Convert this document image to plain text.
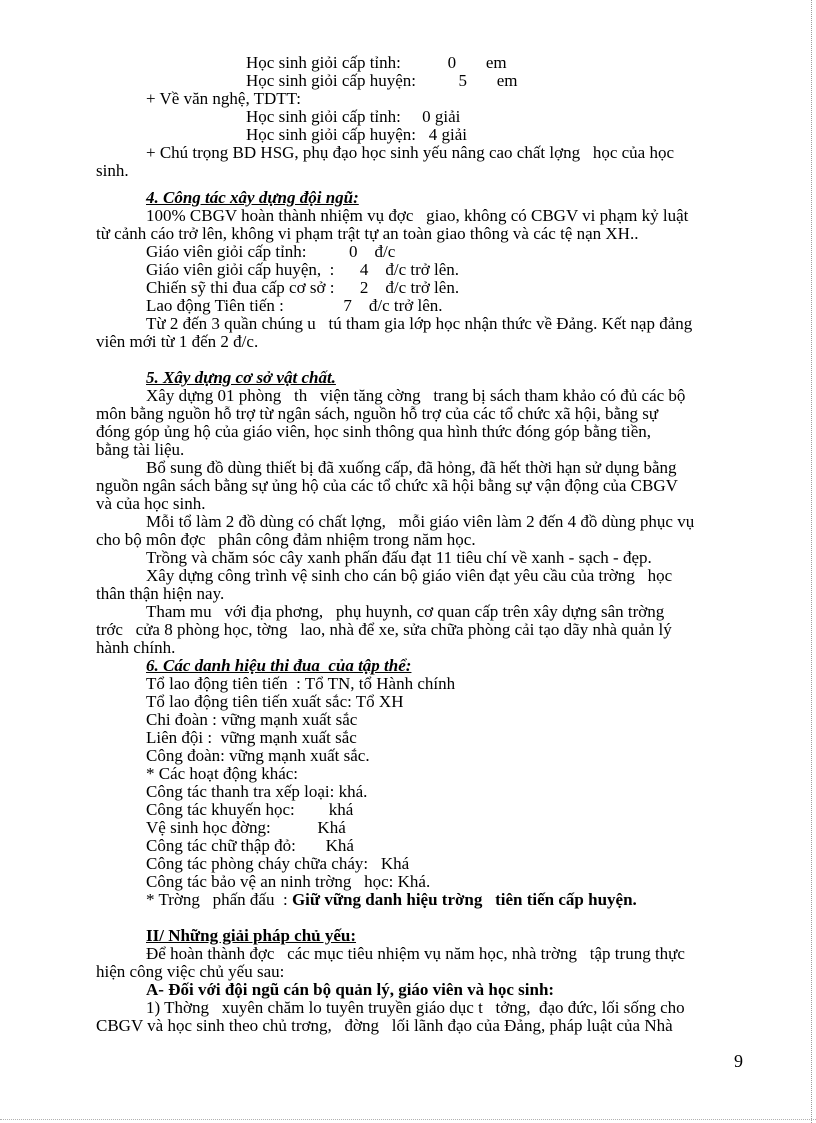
Học sinh giỏi cấp tỉnh:           0       em

Học sinh giỏi cấp huyện:          5       em

+ Về văn nghệ, TDTT:

Học sinh giỏi cấp tỉnh:     0 giải

Học sinh giỏi cấp huyện:   4 giải

+ Chú trọng BD HSG, phụ đạo học sinh yếu nâng cao chất lợng   học của học

sinh.

4. Công tác xây dựng đội ngũ:

100% CBGV hoàn thành nhiệm vụ đợc   giao, không có CBGV vi phạm kỷ luật

từ cảnh cáo trở lên, không vi phạm trật tự an toàn giao thông và các tệ nạn XH..

Giáo viên giỏi cấp tỉnh:          0    đ/c

Giáo viên giỏi cấp huyện,  :      4    đ/c trở lên.

Chiến sỹ thi đua cấp cơ sở :      2    đ/c trở lên.

Lao động Tiên tiến :              7    đ/c trở lên.

Từ 2 đến 3 quần chúng u   tú tham gia lớp học nhận thức về Đảng. Kết nạp đảng

viên mới từ 1 đến 2 đ/c.

5. Xây dựng cơ sở vật chất.

Xây dựng 01 phòng   th   viện tăng cờng   trang bị sách tham khảo có đủ các bộ

môn bằng nguồn hỗ trợ từ ngân sách, nguồn hỗ trợ của các tổ chức xã hội, bằng sự

đóng góp ủng hộ của giáo viên, học sinh thông qua hình thức đóng góp bằng tiền,

bằng tài liệu.

Bổ sung đồ dùng thiết bị đã xuống cấp, đã hỏng, đã hết thời hạn sử dụng bằng

nguồn ngân sách bằng sự ủng hộ của các tổ chức xã hội bằng sự vận động của CBGV

và của học sinh.

Mỗi tổ làm 2 đồ dùng có chất lợng,   mỗi giáo viên làm 2 đến 4 đồ dùng phục vụ

cho bộ môn đợc   phân công đảm nhiệm trong năm học.

Trồng và chăm sóc cây xanh phấn đấu đạt 11 tiêu chí về xanh - sạch - đẹp.

Xây dựng công trình vệ sinh cho cán bộ giáo viên đạt yêu cầu của trờng   học

thân thận hiện nay.

Tham mu   với địa phơng,   phụ huynh, cơ quan cấp trên xây dựng sân trờng

trớc   cửa 8 phòng học, tờng   lao, nhà để xe, sửa chữa phòng cải tạo dãy nhà quản lý

hành chính.

6. Các danh hiệu thi đua  của tập thể:

Tổ lao động tiên tiến  : Tổ TN, tổ Hành chính

Tổ lao động tiên tiến xuất sắc: Tổ XH

Chi đoàn : vững mạnh xuất sắc

Liên đội :  vững mạnh xuất sắc

Công đoàn: vững mạnh xuất sắc.

* Các hoạt động khác:

Công tác thanh tra xếp loại: khá.

Công tác khuyến học:        khá

Vệ sinh học đờng:           Khá

Công tác chữ thập đỏ:       Khá

Công tác phòng cháy chữa cháy:   Khá

Công tác bảo vệ an ninh trờng   học: Khá.

* Trờng   phấn đấu  : Giữ vững danh hiệu trờng   tiên tiến cấp huyện.

II/ Những giải pháp chủ yếu:

Để hoàn thành đợc   các mục tiêu nhiệm vụ năm học, nhà trờng   tập trung thực

hiện công việc chủ yếu sau:

A- Đối với đội ngũ cán bộ quản lý, giáo viên và học sinh:

1) Thờng   xuyên chăm lo tuyên truyền giáo dục t   tởng,  đạo đức, lối sống cho

CBGV và học sinh theo chủ trơng,   đờng   lối lãnh đạo của Đảng, pháp luật của Nhà

9
